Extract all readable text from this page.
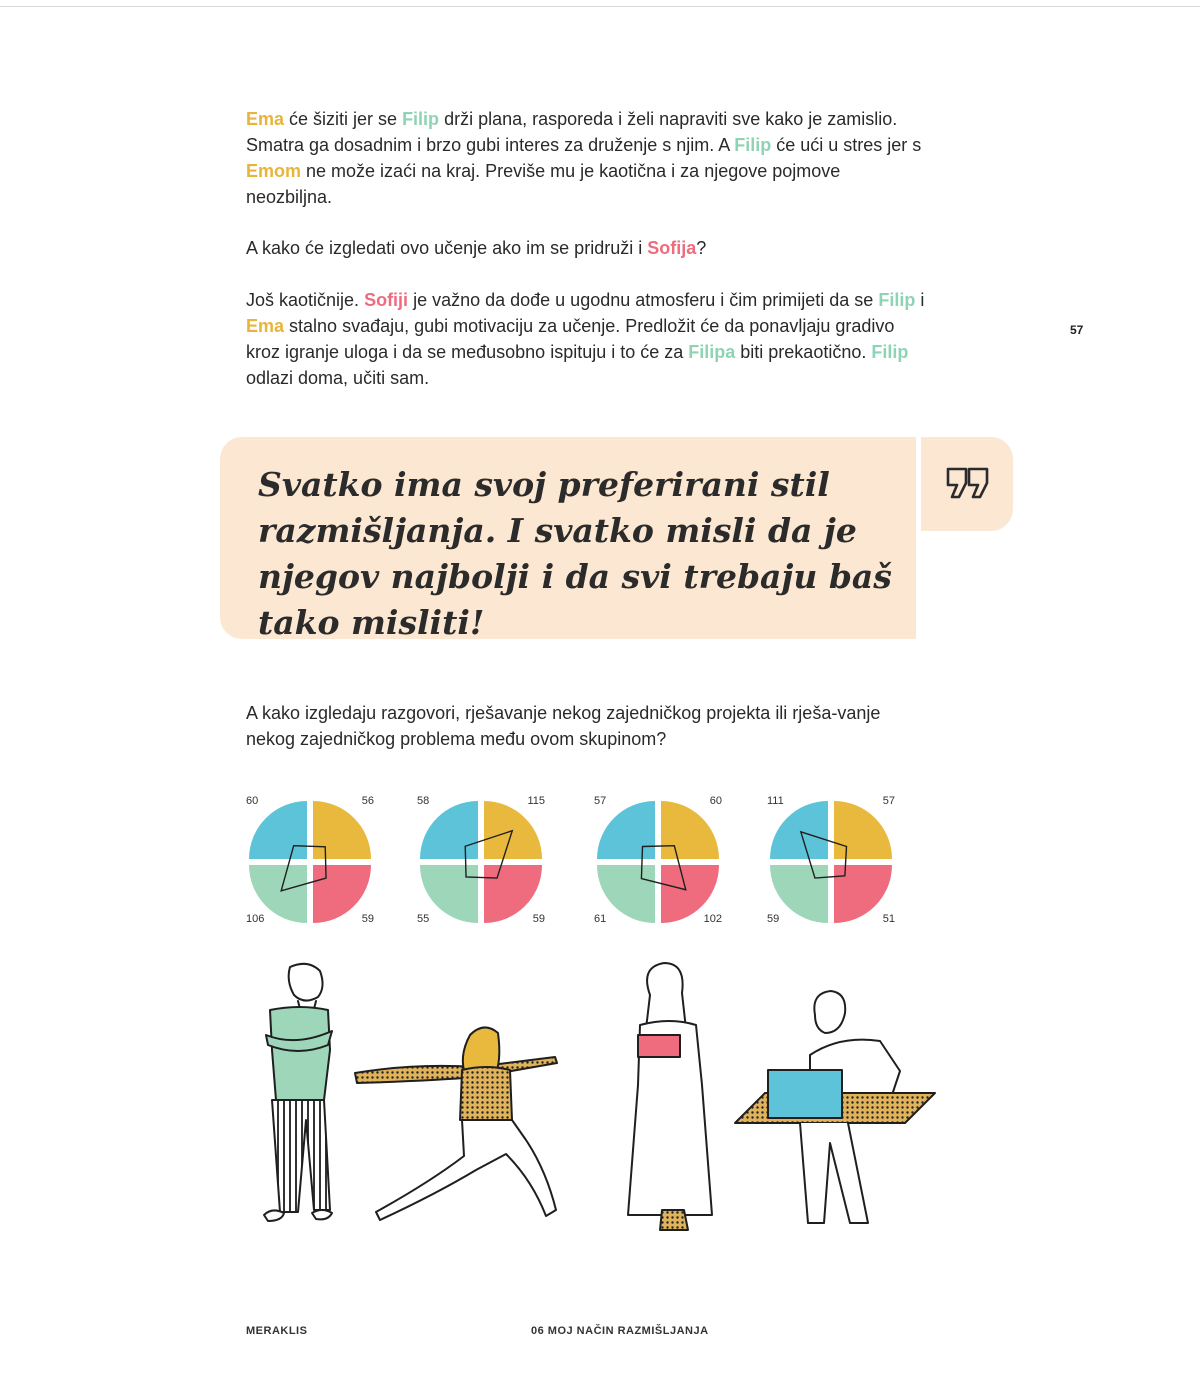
Ema će šiziti jer se Filip drži plana, rasporeda i želi napraviti sve kako je zamislio. Smatra ga dosadnim i brzo gubi interes za druženje s njim. A Filip će ući u stres jer s Emom ne može izaći na kraj. Previše mu je kaotična i za njegove pojmove neozbiljna.

A kako će izgledati ovo učenje ako im se pridruži i Sofija?

Još kaotičnije. Sofiji je važno da dođe u ugodnu atmosferu i čim primijeti da se Filip i Ema stalno svađaju, gubi motivaciju za učenje. Predložit će da ponavljaju gradivo kroz igranje uloga i da se međusobno ispituju i to će za Filipa biti prekaotično. Filip odlazi doma, učiti sam.

57

Svatko ima svoj preferirani stil razmišljanja. I svatko misli da je njegov najbolji i da svi trebaju baš tako misliti!

A kako izgledaju razgovori, rješavanje nekog zajedničkog projekta ili rješa-vanje nekog zajedničkog problema među ovom skupinom?

60	56
106	59
58	115
55	59
57	60
61	102
111	57
59	51
MERAKLIS	06 MOJ NAČIN RAZMIŠLJANJA
